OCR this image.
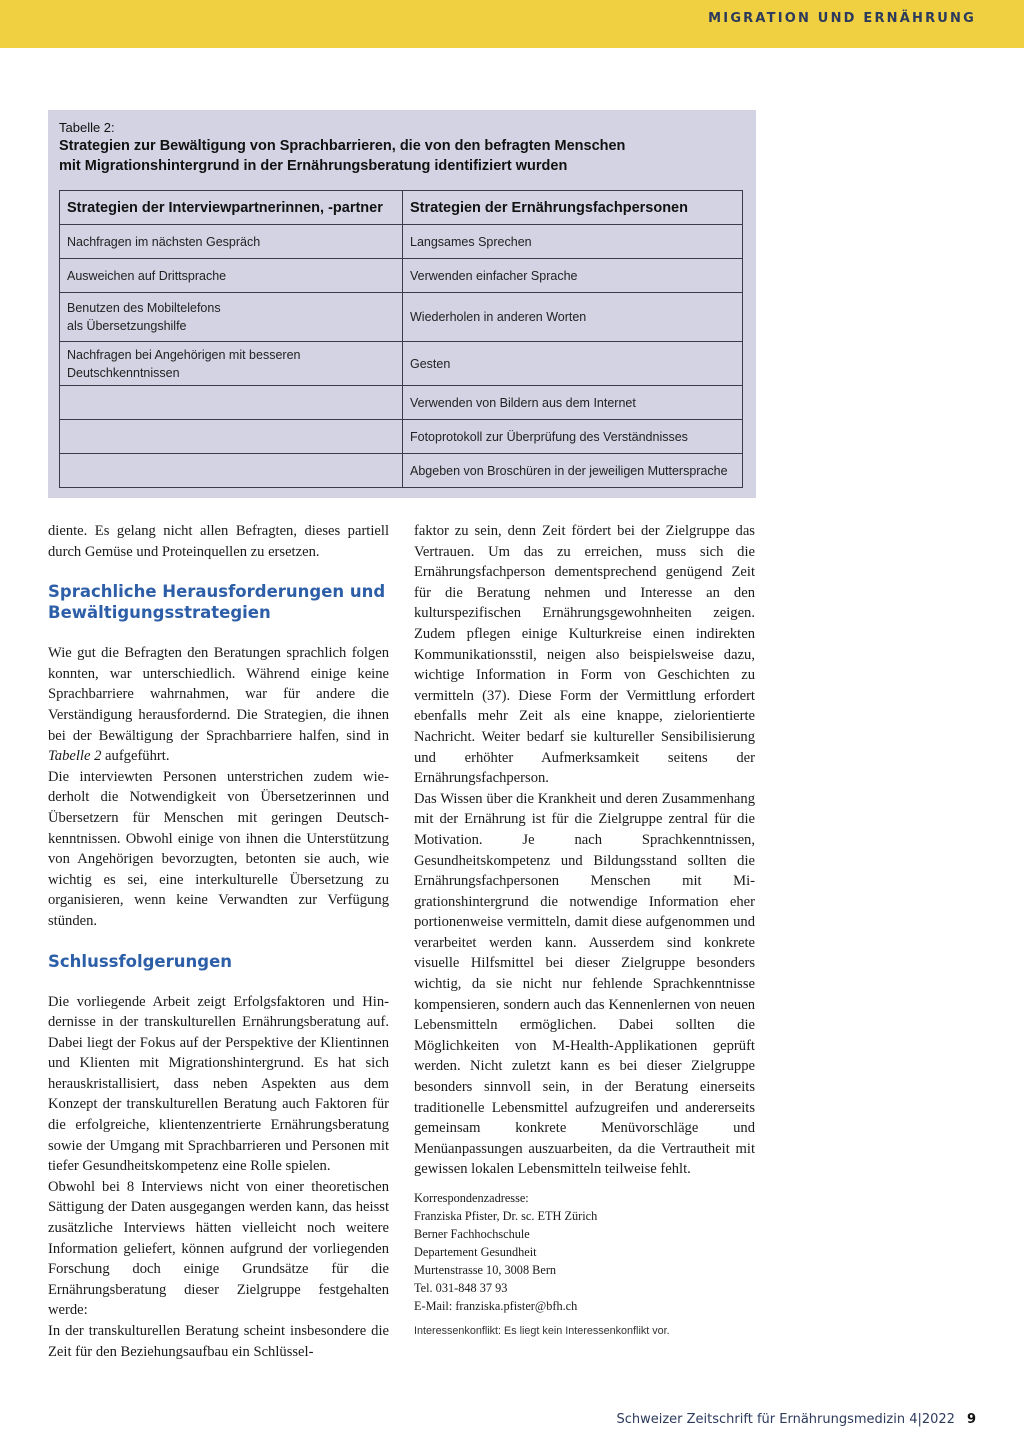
MIGRATION UND ERNÄHRUNG
Tabelle 2:
Strategien zur Bewältigung von Sprachbarrieren, die von den befragten Menschen
mit Migrationshintergrund in der Ernährungsberatung identifiziert wurden
Strategien der Interviewpartnerinnen, -partner	Strategien der Ernährungsfachpersonen
Nachfragen im nächsten Gespräch	Langsames Sprechen
Ausweichen auf Drittsprache	Verwenden einfacher Sprache

Benutzen des Mobiltelefons
als Übersetzungshilfe	Wiederholen in anderen Worten

Nachfragen bei Angehörigen mit besseren
Deutschkenntnissen	Gesten
	Verwenden von Bildern aus dem Internet
	Fotoprotokoll zur Überprüfung des Verständnisses
	Abgeben von Broschüren in der jeweiligen Muttersprache

diente. Es gelang nicht allen Befragten, dieses partiell durch Gemüse und Proteinquellen zu ersetzen.

Sprachliche Herausforderungen und Bewältigungsstrategien

Wie gut die Befragten den Beratungen sprachlich folgen konnten, war unterschiedlich. Während einige keine Sprachbarriere wahrnahmen, war für andere die Verständigung herausfordernd. Die Strategien, die ihnen bei der Bewältigung der Sprachbarriere halfen, sind in Tabelle 2 aufgeführt.

Die interviewten Personen unterstrichen zudem wiederholt die Notwendigkeit von Übersetzerinnen und Übersetzern für Menschen mit geringen Deutschkenntnissen. Obwohl einige von ihnen die Unterstützung von Angehörigen bevorzugten, betonten sie auch, wie wichtig es sei, eine interkulturelle Übersetzung zu organisieren, wenn keine Verwandten zur Verfügung stünden.

Schlussfolgerungen

Die vorliegende Arbeit zeigt Erfolgsfaktoren und Hindernisse in der transkulturellen Ernährungsberatung auf. Dabei liegt der Fokus auf der Perspektive der Klientinnen und Klienten mit Migrationshintergrund. Es hat sich herauskristallisiert, dass neben Aspekten aus dem Konzept der transkulturellen Beratung auch Faktoren für die erfolgreiche, klientenzentrierte Ernährungsberatung sowie der Umgang mit Sprachbarrieren und Personen mit tiefer Gesundheitskompetenz eine Rolle spielen.

Obwohl bei 8 Interviews nicht von einer theoretischen Sättigung der Daten ausgegangen werden kann, das heisst zusätzliche Interviews hätten vielleicht noch weitere Information geliefert, können aufgrund der vorliegenden Forschung doch einige Grundsätze für die Ernährungsberatung dieser Zielgruppe festgehalten werde:

In der transkulturellen Beratung scheint insbesondere die Zeit für den Beziehungsaufbau ein Schlüssel-

faktor zu sein, denn Zeit fördert bei der Zielgruppe das Vertrauen. Um das zu erreichen, muss sich die Ernährungsfachperson dementsprechend genügend Zeit für die Beratung nehmen und Interesse an den kulturspezifischen Ernährungsgewohnheiten zeigen. Zudem pflegen einige Kulturkreise einen indirekten Kommunikationsstil, neigen also beispielsweise dazu, wichtige Information in Form von Geschichten zu vermitteln (37). Diese Form der Vermittlung erfordert ebenfalls mehr Zeit als eine knappe, zielorientierte Nachricht. Weiter bedarf sie kultureller Sensibilisierung und erhöhter Aufmerksamkeit seitens der Ernährungsfachperson.

Das Wissen über die Krankheit und deren Zusammenhang mit der Ernährung ist für die Zielgruppe zentral für die Motivation. Je nach Sprachkenntnissen, Gesundheitskompetenz und Bildungsstand sollten die Ernährungsfachpersonen Menschen mit Migrationshintergrund die notwendige Information eher portionenweise vermitteln, damit diese aufgenommen und verarbeitet werden kann. Ausserdem sind konkrete visuelle Hilfsmittel bei dieser Zielgruppe besonders wichtig, da sie nicht nur fehlende Sprachkenntnisse kompensieren, sondern auch das Kennenlernen von neuen Lebensmitteln ermöglichen. Dabei sollten die Möglichkeiten von M-Health-Applikationen geprüft werden. Nicht zuletzt kann es bei dieser Zielgruppe besonders sinnvoll sein, in der Beratung einerseits traditionelle Lebensmittel aufzugreifen und andererseits gemeinsam konkrete Menüvorschläge und Menüanpassungen auszuarbeiten, da die Vertrautheit mit gewissen lokalen Lebensmitteln teilweise fehlt.

Korrespondenzadresse:
Franziska Pfister, Dr. sc. ETH Zürich
Berner Fachhochschule
Departement Gesundheit
Murtenstrasse 10, 3008 Bern
Tel. 031-848 37 93
E-Mail: franziska.pfister@bfh.ch
Interessenkonflikt: Es liegt kein Interessenkonflikt vor.
Schweizer Zeitschrift für Ernährungsmedizin 4|2022 9
